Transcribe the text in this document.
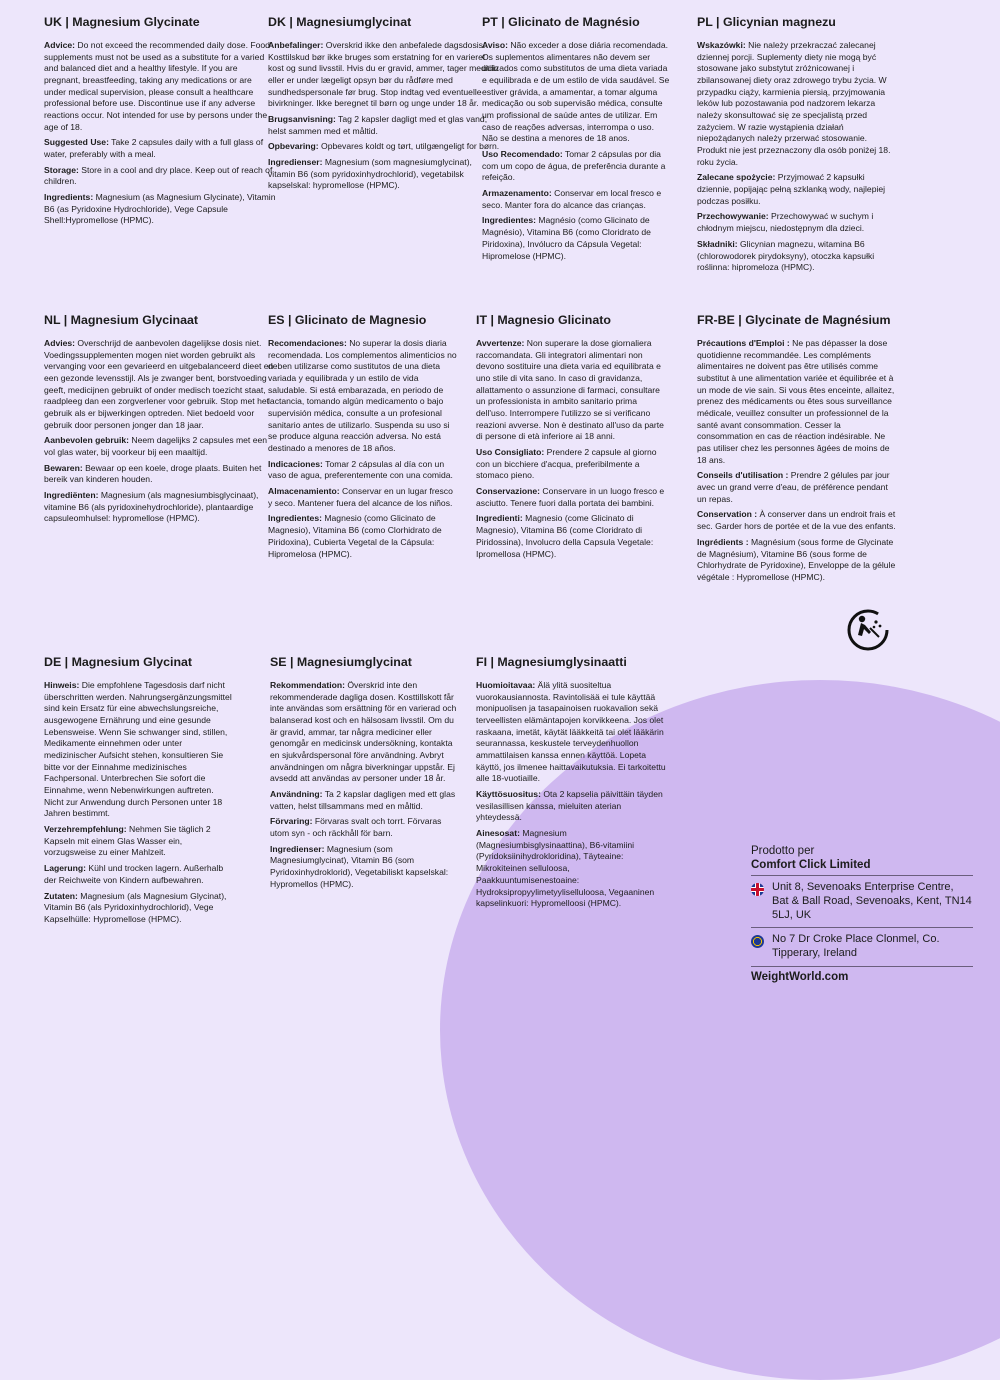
UK | Magnesium Glycinate
Advice: Do not exceed the recommended daily dose. Food supplements must not be used as a substitute for a varied and balanced diet and a healthy lifestyle. If you are pregnant, breastfeeding, taking any medications or are under medical supervision, please consult a healthcare professional before use. Discontinue use if any adverse reactions occur. Not intended for use by persons under the age of 18.
Suggested Use: Take 2 capsules daily with a full glass of water, preferably with a meal.
Storage: Store in a cool and dry place. Keep out of reach of children.
Ingredients: Magnesium (as Magnesium Glycinate), Vitamin B6 (as Pyridoxine Hydrochloride), Vege Capsule Shell:Hypromellose (HPMC).
DK | Magnesiumglycinat
Anbefalinger: Overskrid ikke den anbefalede dagsdosis. Kosttilskud bør ikke bruges som erstatning for en varieret kost og sund livsstil. Hvis du er gravid, ammer, tager medicin eller er under lægeligt opsyn bør du rådføre med sundhedspersonale før brug. Stop indtag ved eventuelle bivirkninger. Ikke beregnet til børn og unge under 18 år.
Brugsanvisning: Tag 2 kapsler dagligt med et glas vand, helst sammen med et måltid.
Opbevaring: Opbevares koldt og tørt, utilgængeligt for børn.
Ingredienser: Magnesium (som magnesiumglycinat), vitamin B6 (som pyridoxinhydrochlorid), vegetabilsk kapselskal: hypromellose (HPMC).
PT | Glicinato de Magnésio
Aviso: Não exceder a dose diária recomendada. Os suplementos alimentares não devem ser utilizados como substitutos de uma dieta variada e equilibrada e de um estilo de vida saudável. Se estiver grávida, a amamentar, a tomar alguma medicação ou sob supervisão médica, consulte um profissional de saúde antes de utilizar. Em caso de reações adversas, interrompa o uso. Não se destina a menores de 18 anos.
Uso Recomendado: Tomar 2 cápsulas por dia com um copo de água, de preferência durante a refeição.
Armazenamento: Conservar em local fresco e seco. Manter fora do alcance das crianças.
Ingredientes: Magnésio (como Glicinato de Magnésio), Vitamina B6 (como Cloridrato de Piridoxina), Invólucro da Cápsula Vegetal: Hipromelose (HPMC).
PL | Glicynian magnezu
Wskazówki: Nie należy przekraczać zalecanej dziennej porcji. Suplementy diety nie mogą być stosowane jako substytut zróżnicowanej i zbilansowanej diety oraz zdrowego trybu życia. W przypadku ciąży, karmienia piersią, przyjmowania leków lub pozostawania pod nadzorem lekarza należy skonsultować się ze specjalistą przed zażyciem. W razie wystąpienia działań niepożądanych należy przerwać stosowanie. Produkt nie jest przeznaczony dla osób poniżej 18. roku życia.
Zalecane spożycie: Przyjmować 2 kapsułki dziennie, popijając pełną szklanką wody, najlepiej podczas posiłku.
Przechowywanie: Przechowywać w suchym i chłodnym miejscu, niedostępnym dla dzieci.
Składniki: Glicynian magnezu, witamina B6 (chlorowodorek pirydoksyny), otoczka kapsułki roślinna: hipromeloza (HPMC).
NL | Magnesium Glycinaat
Advies: Overschrijd de aanbevolen dagelijkse dosis niet. Voedingssupplementen mogen niet worden gebruikt als vervanging voor een gevarieerd en uitgebalanceerd dieet en een gezonde levensstijl. Als je zwanger bent, borstvoeding geeft, medicijnen gebruikt of onder medisch toezicht staat, raadpleeg dan een zorgverlener voor gebruik. Stop met het gebruik als er bijwerkingen optreden. Niet bedoeld voor gebruik door personen jonger dan 18 jaar.
Aanbevolen gebruik: Neem dagelijks 2 capsules met een vol glas water, bij voorkeur bij een maaltijd.
Bewaren: Bewaar op een koele, droge plaats. Buiten het bereik van kinderen houden.
Ingrediënten: Magnesium (als magnesiumbisglycinaat), vitamine B6 (als pyridoxinehydrochloride), plantaardige capsuleomhulsel: hypromellose (HPMC).
ES | Glicinato de Magnesio
Recomendaciones: No superar la dosis diaria recomendada. Los complementos alimenticios no deben utilizarse como sustitutos de una dieta variada y equilibrada y un estilo de vida saludable. Si está embarazada, en periodo de lactancia, tomando algún medicamento o bajo supervisión médica, consulte a un profesional sanitario antes de utilizarlo. Suspenda su uso si se produce alguna reacción adversa. No está destinado a menores de 18 años.
Indicaciones: Tomar 2 cápsulas al día con un vaso de agua, preferentemente con una comida.
Almacenamiento: Conservar en un lugar fresco y seco. Mantener fuera del alcance de los niños.
Ingredientes: Magnesio (como Glicinato de Magnesio), Vitamina B6 (como Clorhidrato de Piridoxina), Cubierta Vegetal de la Cápsula: Hipromelosa (HPMC).
IT | Magnesio Glicinato
Avvertenze: Non superare la dose giornaliera raccomandata. Gli integratori alimentari non devono sostituire una dieta varia ed equilibrata e uno stile di vita sano. In caso di gravidanza, allattamento o assunzione di farmaci, consultare un professionista in ambito sanitario prima dell'uso. Interrompere l'utilizzo se si verificano reazioni avverse. Non è destinato all'uso da parte di persone di età inferiore ai 18 anni.
Uso Consigliato: Prendere 2 capsule al giorno con un bicchiere d'acqua, preferibilmente a stomaco pieno.
Conservazione: Conservare in un luogo fresco e asciutto. Tenere fuori dalla portata dei bambini.
Ingredienti: Magnesio (come Glicinato di Magnesio), Vitamina B6 (come Cloridrato di Piridossina), Involucro della Capsula Vegetale: Ipromellosa (HPMC).
FR-BE | Glycinate de Magnésium
Précautions d'Emploi : Ne pas dépasser la dose quotidienne recommandée. Les compléments alimentaires ne doivent pas être utilisés comme substitut à une alimentation variée et équilibrée et à un mode de vie sain. Si vous êtes enceinte, allaitez, prenez des médicaments ou êtes sous surveillance médicale, veuillez consulter un professionnel de la santé avant consommation. Cesser la consommation en cas de réaction indésirable. Ne pas utiliser chez les personnes âgées de moins de 18 ans.
Conseils d'utilisation : Prendre 2 gélules par jour avec un grand verre d'eau, de préférence pendant un repas.
Conservation : À conserver dans un endroit frais et sec. Garder hors de portée et de la vue des enfants.
Ingrédients : Magnésium (sous forme de Glycinate de Magnésium), Vitamine B6 (sous forme de Chlorhydrate de Pyridoxine), Enveloppe de la gélule végétale : Hypromellose (HPMC).
DE | Magnesium Glycinat
Hinweis: Die empfohlene Tagesdosis darf nicht überschritten werden. Nahrungsergänzungsmittel sind kein Ersatz für eine abwechslungsreiche, ausgewogene Ernährung und eine gesunde Lebensweise. Wenn Sie schwanger sind, stillen, Medikamente einnehmen oder unter medizinischer Aufsicht stehen, konsultieren Sie bitte vor der Einnahme medizinisches Fachpersonal. Unterbrechen Sie sofort die Einnahme, wenn Nebenwirkungen auftreten. Nicht zur Anwendung durch Personen unter 18 Jahren bestimmt.
Verzehrempfehlung: Nehmen Sie täglich 2 Kapseln mit einem Glas Wasser ein, vorzugsweise zu einer Mahlzeit.
Lagerung: Kühl und trocken lagern. Außerhalb der Reichweite von Kindern aufbewahren.
Zutaten: Magnesium (als Magnesium Glycinat), Vitamin B6 (als Pyridoxinhydrochlorid), Vege Kapselhülle: Hypromellose (HPMC).
SE | Magnesiumglycinat
Rekommendation: Överskrid inte den rekommenderade dagliga dosen. Kosttillskott får inte användas som ersättning för en varierad och balanserad kost och en hälsosam livsstil. Om du är gravid, ammar, tar några mediciner eller genomgår en medicinsk undersökning, kontakta en sjukvårdspersonal före användning. Avbryt användningen om några biverkningar uppstår. Ej avsedd att användas av personer under 18 år.
Användning: Ta 2 kapslar dagligen med ett glas vatten, helst tillsammans med en måltid.
Förvaring: Förvaras svalt och torrt. Förvaras utom syn - och räckhåll för barn.
Ingredienser: Magnesium (som Magnesiumglycinat), Vitamin B6 (som Pyridoxinhydroklorid), Vegetabiliskt kapselskal: Hypromellos (HPMC).
FI | Magnesiumglysinaatti
Huomioitavaa: Älä ylitä suositeltua vuorokausiannosta. Ravintolisää ei tule käyttää monipuolisen ja tasapainoisen ruokavalion sekä terveellisten elämäntapojen korvikkeena. Jos olet raskaana, imetät, käytät lääkkeitä tai olet lääkärin seurannassa, keskustele terveydenhuollon ammattilaisen kanssa ennen käyttöä. Lopeta käyttö, jos ilmenee haittavaikutuksia. Ei tarkoitettu alle 18-vuotiaille.
Käyttösuositus: Ota 2 kapselia päivittäin täyden vesilasillisen kanssa, mieluiten aterian yhteydessä.
Ainesosat: Magnesium (Magnesiumbisglysinaattina), B6-vitamiini (Pyridoksiinihydrokloridina), Täyteaine: Mikrokiteinen selluloosa, Paakkuuntumisenestoaine: Hydroksipropyylimetyyliselluloosa, Vegaaninen kapselinkuori: Hypromelloosi (HPMC).
Prodotto per
Comfort Click Limited
Unit 8, Sevenoaks Enterprise Centre, Bat & Ball Road, Sevenoaks, Kent, TN14 5LJ, UK
No 7 Dr Croke Place Clonmel, Co. Tipperary, Ireland
WeightWorld.com
